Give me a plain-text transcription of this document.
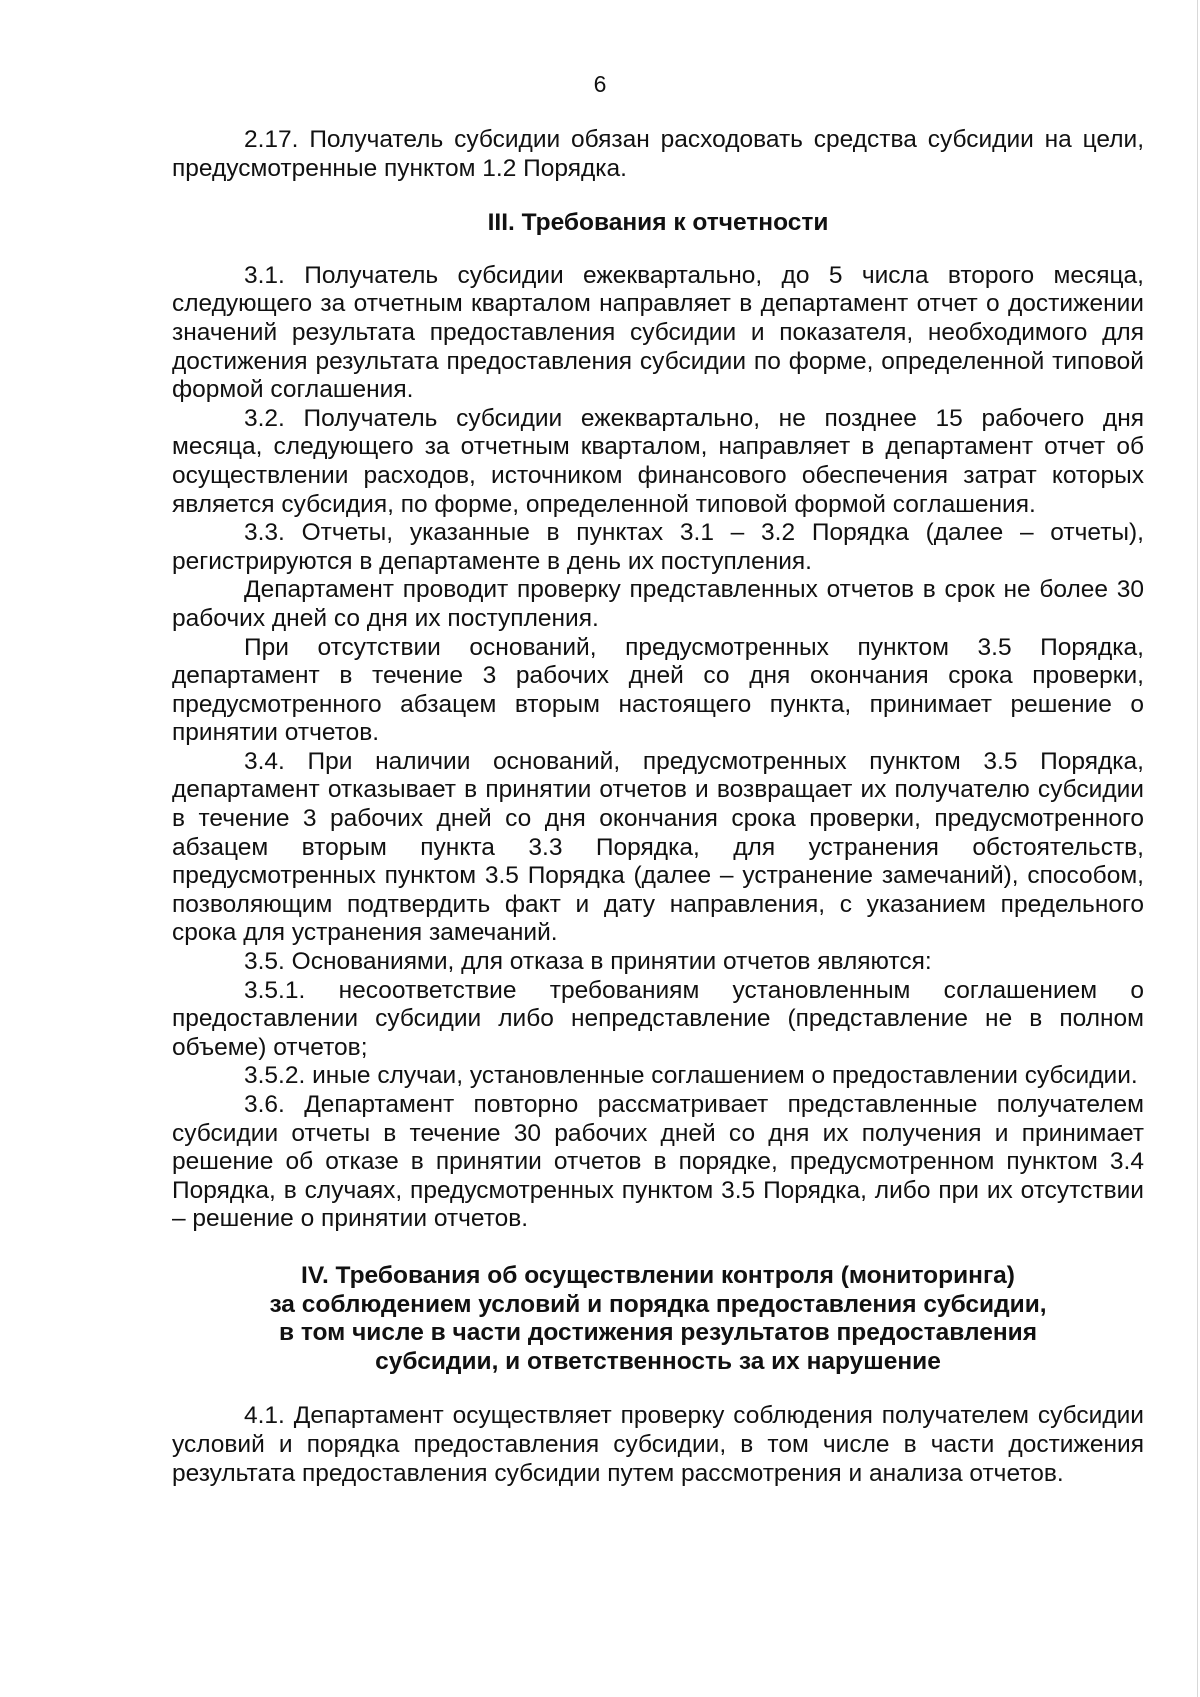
6

2.17. Получатель субсидии обязан расходовать средства субсидии на цели, предусмотренные пунктом 1.2 Порядка.

III. Требования к отчетности

3.1. Получатель субсидии ежеквартально, до 5 числа второго месяца, следующего за отчетным кварталом направляет в департамент отчет о достижении значений результата предоставления субсидии и показателя, необходимого для достижения результата предоставления субсидии по форме, определенной типовой формой соглашения.

3.2. Получатель субсидии ежеквартально, не позднее 15 рабочего дня месяца, следующего за отчетным кварталом, направляет в департамент отчет об осуществлении расходов, источником финансового обеспечения затрат которых является субсидия, по форме, определенной типовой формой соглашения.

3.3. Отчеты, указанные в пунктах 3.1 – 3.2 Порядка (далее – отчеты), регистрируются в департаменте в день их поступления.

Департамент проводит проверку представленных отчетов в срок не более 30 рабочих дней со дня их поступления.

При отсутствии оснований, предусмотренных пунктом 3.5 Порядка, департамент в течение 3 рабочих дней со дня окончания срока проверки, предусмотренного абзацем вторым настоящего пункта, принимает решение о принятии отчетов.

3.4. При наличии оснований, предусмотренных пунктом 3.5 Порядка, департамент отказывает в принятии отчетов и возвращает их получателю субсидии в течение 3 рабочих дней со дня окончания срока проверки, предусмотренного абзацем вторым пункта 3.3 Порядка, для устранения обстоятельств, предусмотренных пунктом 3.5 Порядка (далее – устранение замечаний), способом, позволяющим подтвердить факт и дату направления, с указанием предельного срока для устранения замечаний.

3.5. Основаниями, для отказа в принятии отчетов являются:

3.5.1. несоответствие требованиям установленным соглашением о предоставлении субсидии либо непредставление (представление не в полном объеме) отчетов;

3.5.2. иные случаи, установленные соглашением о предоставлении субсидии.

3.6. Департамент повторно рассматривает представленные получателем субсидии отчеты в течение 30 рабочих дней со дня их получения и принимает решение об отказе в принятии отчетов в порядке, предусмотренном пунктом 3.4 Порядка, в случаях, предусмотренных пунктом 3.5 Порядка, либо при их отсутствии – решение о принятии отчетов.

IV. Требования об осуществлении контроля (мониторинга)
за соблюдением условий и порядка предоставления субсидии,
в том числе в части достижения результатов предоставления
субсидии, и ответственность за их нарушение

4.1. Департамент осуществляет проверку соблюдения получателем субсидии условий и порядка предоставления субсидии, в том числе в части достижения результата предоставления субсидии путем рассмотрения и анализа отчетов.
